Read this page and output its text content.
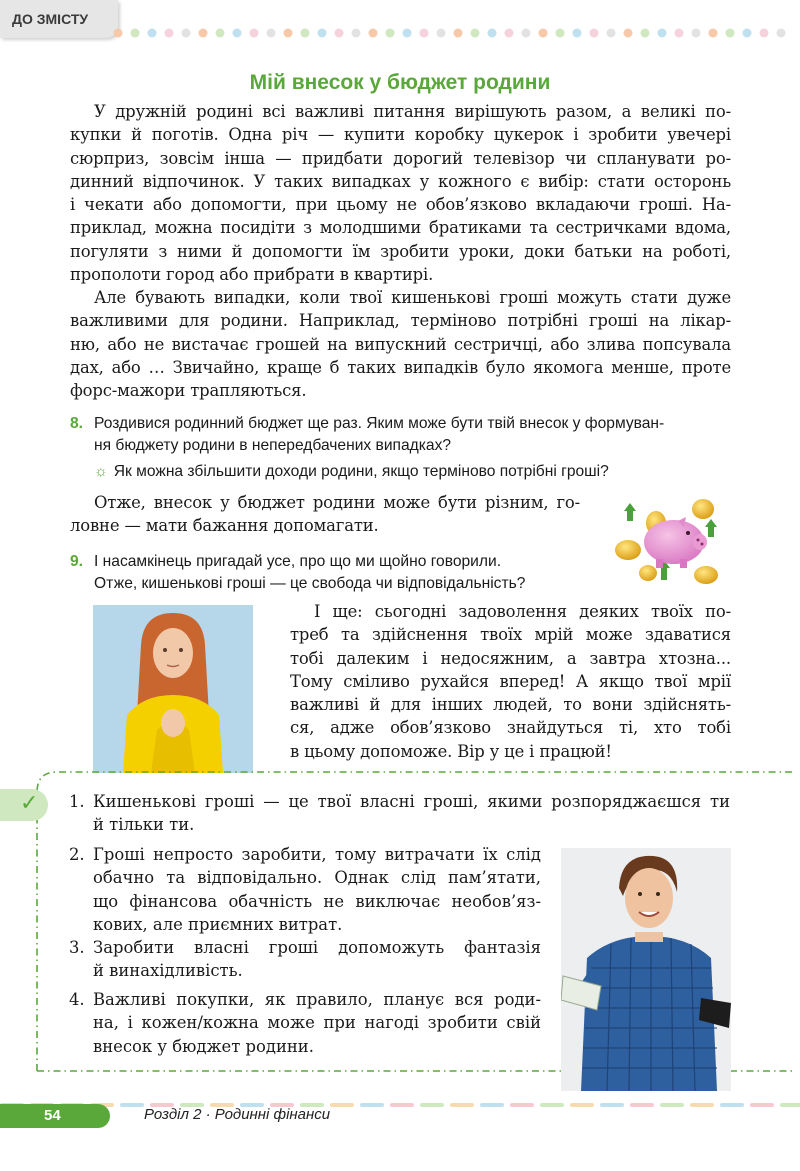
ДО ЗМІСТУ
Мій внесок у бюджет родини
У дружній родині всі важливі питання вирішують разом, а великі по-
купки й поготів. Одна річ — купити коробку цукерок і зробити увечері
сюрприз, зовсім інша — придбати дорогий телевізор чи спланувати ро-
динний відпочинок. У таких випадках у кожного є вибір: стати осторонь
і чекати або допомогти, при цьому не обов’язково вкладаючи гроші. На-
приклад, можна посидіти з молодшими братиками та сестричками вдома,
погуляти з ними й допомогти їм зробити уроки, доки батьки на роботі,
прополоти город або прибрати в квартирі.
Але бувають випадки, коли твої кишенькові гроші можуть стати дуже
важливими для родини. Наприклад, терміново потрібні гроші на лікар-
ню, або не вистачає грошей на випускний сестричці, або злива попсувала
дах, або … Звичайно, краще б таких випадків було якомога менше, проте
форс-мажори трапляються.
8. Роздивися родинний бюджет ще раз. Яким може бути твій внесок у формуван-
ня бюджету родини в непередбачених випадках?
☼ Як можна збільшити доходи родини, якщо терміново потрібні гроші?
Отже, внесок у бюджет родини може бути різним, го-
ловне — мати бажання допомагати.
9. І насамкінець пригадай усе, про що ми щойно говорили.
Отже, кишенькові гроші — це свобода чи відповідальність?
І ще: сьогодні задоволення деяких твоїх по-
треб та здійснення твоїх мрій може здаватися
тобі далеким і недосяжним, а завтра хтозна...
Тому сміливо рухайся вперед! А якщо твої мрії
важливі й для інших людей, то вони здійснять-
ся, адже обов’язково знайдуться ті, хто тобі
в цьому допоможе. Вір у це і працюй!
✓ 1. Кишенькові гроші — це твої власні гроші, якими розпоряджаєшся ти
й тільки ти.
2. Гроші непросто заробити, тому витрачати їх слід
обачно та відповідально. Однак слід пам’ятати,
що фінансова обачність не виключає необов’яз-
кових, але приємних витрат.
3. Заробити власні гроші допоможуть фантазія
й винахідливість.
4. Важливі покупки, як правило, планує вся роди-
на, і кожен/кожна може при нагоді зробити свій
внесок у бюджет родини.
54	Розділ 2 · Родинні фінанси
